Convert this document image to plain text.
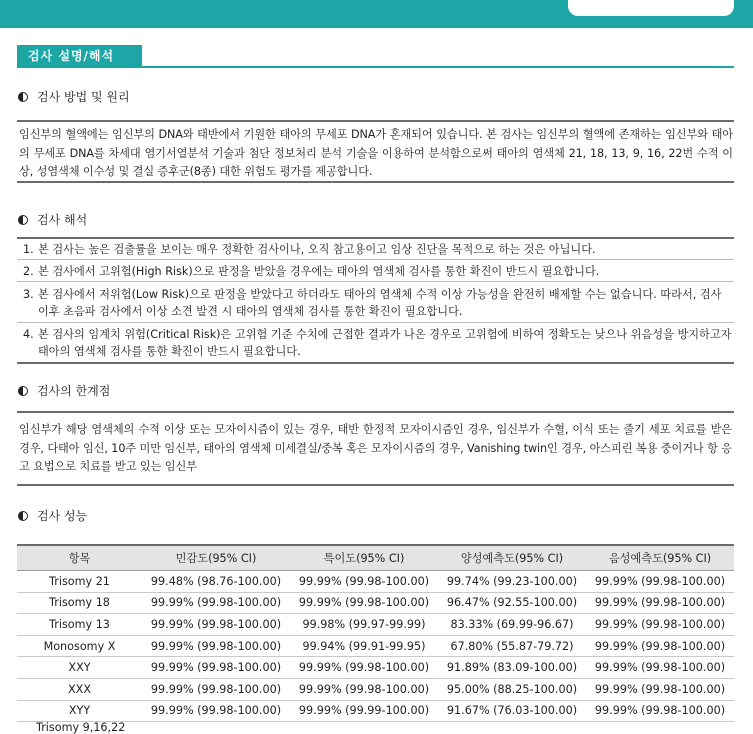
검사 설명/해석
검사 방법 및 원리
임신부의 혈액에는 임신부의 DNA와 태반에서 기원한 태아의 무세포 DNA가 혼재되어 있습니다. 본 검사는 임신부의 혈액에 존재하는 임신부와 태아의 무세포 DNA를 차세대 염기서열분석 기술과 첨단 정보처리 분석 기술을 이용하여 분석함으로써 태아의 염색체 21, 18, 13, 9, 16, 22번 수적 이상, 성염색체 이수성 및 결실 증후군(8종) 대한 위험도 평가를 제공합니다.
검사 해석
1. 본 검사는 높은 검출률을 보이는 매우 정확한 검사이나, 오직 참고용이고 임상 진단을 목적으로 하는 것은 아닙니다.
2. 본 검사에서 고위험(High Risk)으로 판정을 받았을 경우에는 태아의 염색체 검사를 통한 확진이 반드시 필요합니다.
3. 본 검사에서 저위험(Low Risk)으로 판정을 받았다고 하더라도 태아의 염색체 수적 이상 가능성을 완전히 배제할 수는 없습니다. 따라서, 검사 이후 초음파 검사에서 이상 소견 발견 시 태아의 염색체 검사를 통한 확진이 필요합니다.
4. 본 검사의 임계치 위험(Critical Risk)은 고위험 기준 수치에 근접한 결과가 나온 경우로 고위험에 비하여 정확도는 낮으나 위음성을 방지하고자 태아의 염색체 검사를 통한 확진이 반드시 필요합니다.
검사의 한계점
임신부가 해당 염색체의 수적 이상 또는 모자이시즘이 있는 경우, 태반 한정적 모자이시즘인 경우, 임신부가 수혈, 이식 또는 줄기 세포 치료를 받은 경우, 다태아 임신, 10주 미만 임신부, 태아의 염색체 미세결실/중복 혹은 모자이시즘의 경우, Vanishing twin인 경우, 아스피린 복용 중이거나 항 응고 요법으로 치료를 받고 있는 임신부
검사 성능
항목	민감도(95% CI)	특이도(95% CI)	양성예측도(95% CI)	음성예측도(95% CI)
Trisomy 21	99.48% (98.76-100.00)	99.99% (99.98-100.00)	99.74% (99.23-100.00)	99.99% (99.98-100.00)
Trisomy 18	99.99% (99.98-100.00)	99.99% (99.98-100.00)	96.47% (92.55-100.00)	99.99% (99.98-100.00)
Trisomy 13	99.99% (99.98-100.00)	99.98% (99.97-99.99)	83.33% (69.99-96.67)	99.99% (99.98-100.00)
Monosomy X	99.99% (99.98-100.00)	99.94% (99.91-99.95)	67.80% (55.87-79.72)	99.99% (99.98-100.00)
XXY	99.99% (99.98-100.00)	99.99% (99.98-100.00)	91.89% (83.09-100.00)	99.99% (99.98-100.00)
XXX	99.99% (99.98-100.00)	99.99% (99.98-100.00)	95.00% (88.25-100.00)	99.99% (99.98-100.00)
XYY	99.99% (99.98-100.00)	99.99% (99.99-100.00)	91.67% (76.03-100.00)	99.99% (99.98-100.00)
Trisomy 9,16,22
